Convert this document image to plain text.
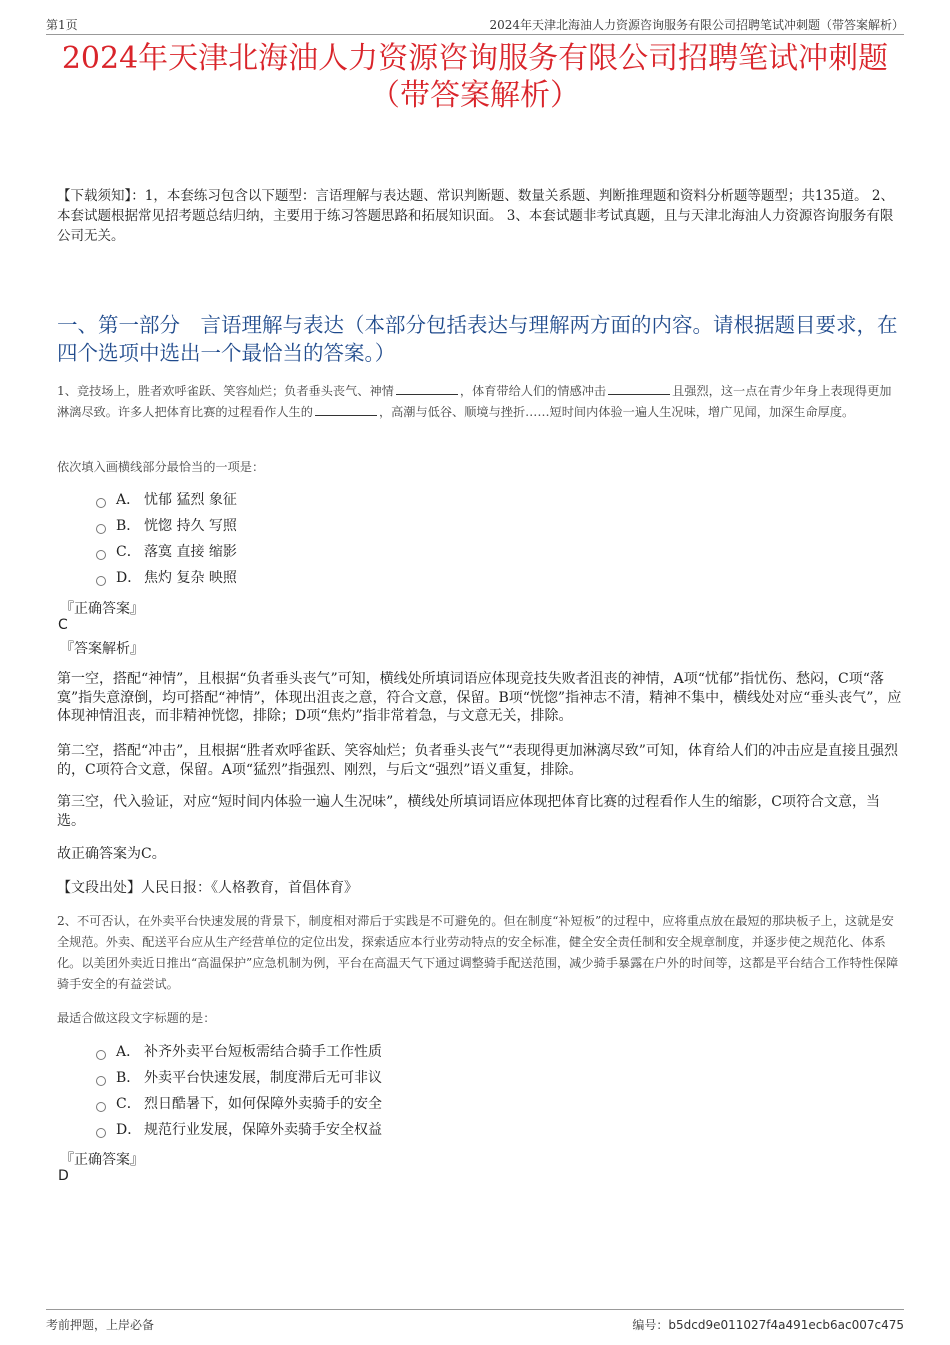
第1页	2024年天津北海油人力资源咨询服务有限公司招聘笔试冲刺题（带答案解析）
2024年天津北海油人力资源咨询服务有限公司招聘笔试冲刺题
（带答案解析）
【下载须知】：1，本套练习包含以下题型：言语理解与表达题、常识判断题、数量关系题、判断推理题和资料分析题等题型；共135道。 2、本套试题根据常见招考题总结归纳，主要用于练习答题思路和拓展知识面。 3、本套试题非考试真题，且与天津北海油人力资源咨询服务有限公司无关。
一、第一部分　言语理解与表达（本部分包括表达与理解两方面的内容。请根据题目要求，在四个选项中选出一个最恰当的答案。）
1、竞技场上，胜者欢呼雀跃、笑容灿烂；负者垂头丧气、神情	，体育带给人们的情感冲击	且强烈，这一点在青少年身上表现得更加淋漓尽致。许多人把体育比赛的过程看作人生的	，高潮与低谷、顺境与挫折……短时间内体验一遍人生况味，增广见闻，加深生命厚度。
依次填入画横线部分最恰当的一项是：
A． 忧郁 猛烈 象征
B． 恍惚 持久 写照
C． 落寞 直接 缩影
D． 焦灼 复杂 映照
『正确答案』
C
『答案解析』
第一空，搭配“神情”，且根据“负者垂头丧气”可知，横线处所填词语应体现竞技失败者沮丧的神情，A项“忧郁”指忧伤、愁闷，C项“落寞”指失意潦倒，均可搭配“神情”，体现出沮丧之意，符合文意，保留。B项“恍惚”指神志不清，精神不集中，横线处对应“垂头丧气”，应体现神情沮丧，而非精神恍惚，排除；D项“焦灼”指非常着急，与文意无关，排除。
第二空，搭配“冲击”，且根据“胜者欢呼雀跃、笑容灿烂；负者垂头丧气”“表现得更加淋漓尽致”可知，体育给人们的冲击应是直接且强烈的，C项符合文意，保留。A项“猛烈”指强烈、刚烈，与后文“强烈”语义重复，排除。
第三空，代入验证，对应“短时间内体验一遍人生况味”，横线处所填词语应体现把体育比赛的过程看作人生的缩影，C项符合文意，当选。
故正确答案为C。
【文段出处】人民日报：《人格教育，首倡体育》
2、不可否认，在外卖平台快速发展的背景下，制度相对滞后于实践是不可避免的。但在制度“补短板”的过程中，应将重点放在最短的那块板子上，这就是安全规范。外卖、配送平台应从生产经营单位的定位出发，探索适应本行业劳动特点的安全标准，健全安全责任制和安全规章制度，并逐步使之规范化、体系化。以美团外卖近日推出“高温保护”应急机制为例，平台在高温天气下通过调整骑手配送范围，减少骑手暴露在户外的时间等，这都是平台结合工作特性保障骑手安全的有益尝试。
最适合做这段文字标题的是：
A． 补齐外卖平台短板需结合骑手工作性质
B． 外卖平台快速发展，制度滞后无可非议
C． 烈日酷暑下，如何保障外卖骑手的安全
D． 规范行业发展，保障外卖骑手安全权益
『正确答案』
D
考前押题，上岸必备	编号：b5dcd9e011027f4a491ecb6ac007c475
